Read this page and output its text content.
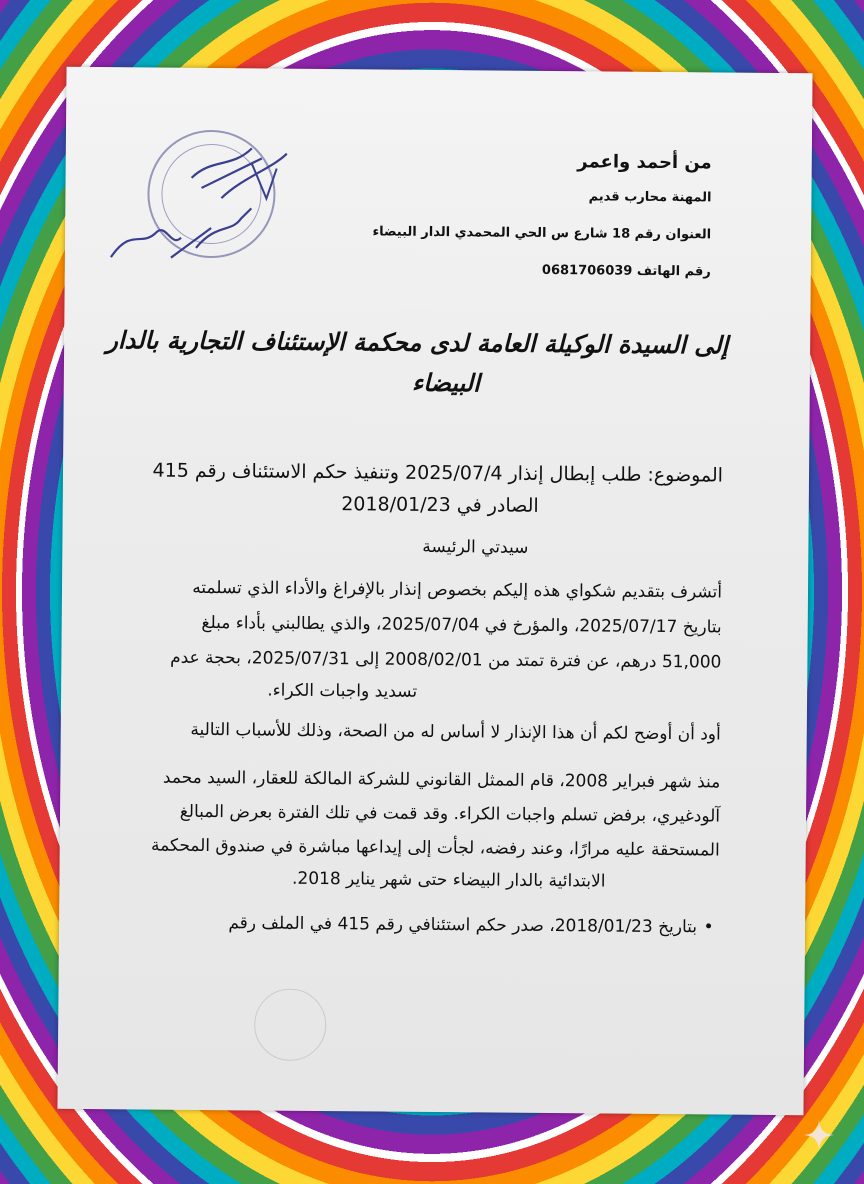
من أحمد واعمر
المهنة محارب قديم
العنوان رقم 18 شارع س الحي المحمدي الدار البيضاء
رقم الهاتف 0681706039
إلى السيدة الوكيلة العامة لدى محكمة الإستئناف التجارية بالدار
البيضاء
الموضوع: طلب إبطال إنذار 2025/07/4 وتنفيذ حكم الاستئناف رقم 415
الصادر في 2018/01/23
سيدتي الرئيسة
أتشرف بتقديم شكواي هذه إليكم بخصوص إنذار بالإفراغ والأداء الذي تسلمته
بتاريخ 2025/07/17، والمؤرخ في 2025/07/04، والذي يطالبني بأداء مبلغ
51,000 درهم، عن فترة تمتد من 2008/02/01 إلى 2025/07/31، بحجة عدم
تسديد واجبات الكراء.
أود أن أوضح لكم أن هذا الإنذار لا أساس له من الصحة، وذلك للأسباب التالية
منذ شهر فبراير 2008، قام الممثل القانوني للشركة المالكة للعقار، السيد محمد
آلودغيري، برفض تسلم واجبات الكراء. وقد قمت في تلك الفترة بعرض المبالغ
المستحقة عليه مرارًا، وعند رفضه، لجأت إلى إيداعها مباشرة في صندوق المحكمة
الابتدائية بالدار البيضاء حتى شهر يناير 2018.
بتاريخ 2018/01/23، صدر حكم استئنافي رقم 415 في الملف رقم
